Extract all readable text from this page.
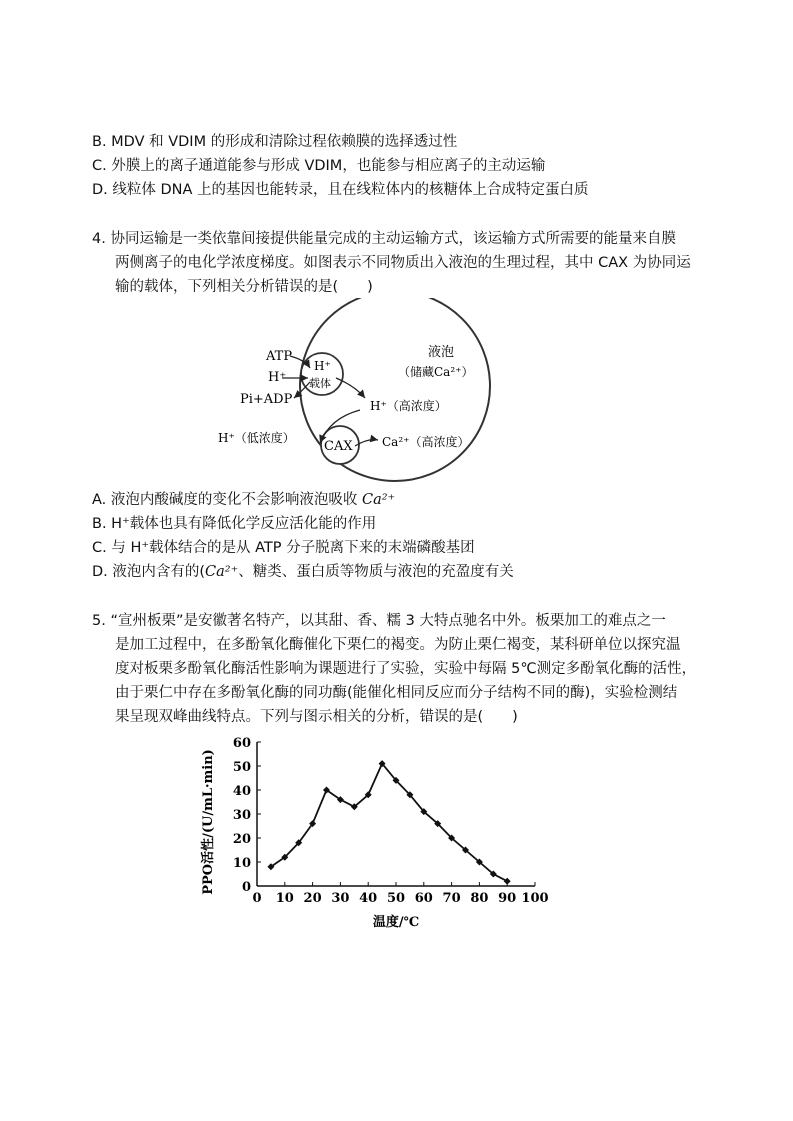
B. MDV 和 VDIM 的形成和清除过程依赖膜的选择透过性
C. 外膜上的离子通道能参与形成 VDIM，也能参与相应离子的主动运输
D. 线粒体 DNA 上的基因也能转录，且在线粒体内的核糖体上合成特定蛋白质
4. 协同运输是一类依靠间接提供能量完成的主动运输方式，该运输方式所需要的能量来自膜
两侧离子的电化学浓度梯度。如图表示不同物质出入液泡的生理过程，其中 CAX 为协同运
输的载体，下列相关分析错误的是(　　)
液泡
（储藏Ca²⁺）
ATP
H⁺
Pi+ADP
H⁺
载体
H⁺（高浓度）
H⁺（低浓度）
CAX Ca²⁺（高浓度）
A. 液泡内酸碱度的变化不会影响液泡吸收 Ca²⁺
B. H⁺载体也具有降低化学反应活化能的作用
C. 与 H⁺载体结合的是从 ATP 分子脱离下来的末端磷酸基团
D. 液泡内含有的(Ca²⁺、糖类、蛋白质等物质与液泡的充盈度有关
5. “宣州板栗”是安徽著名特产，以其甜、香、糯 3 大特点驰名中外。板栗加工的难点之一
是加工过程中，在多酚氧化酶催化下栗仁的褐变。为防止栗仁褐变，某科研单位以探究温
度对板栗多酚氧化酶活性影响为课题进行了实验，实验中每隔 5℃测定多酚氧化酶的活性，
由于栗仁中存在多酚氧化酶的同功酶(能催化相同反应而分子结构不同的酶)，实验检测结
果呈现双峰曲线特点。下列与图示相关的分析，错误的是(　　)
0 10 20 30 40 50 60 70 80 90 100
0
10
20
30
40
50
60
温度/℃
PPO活性/(U/mL·min)
